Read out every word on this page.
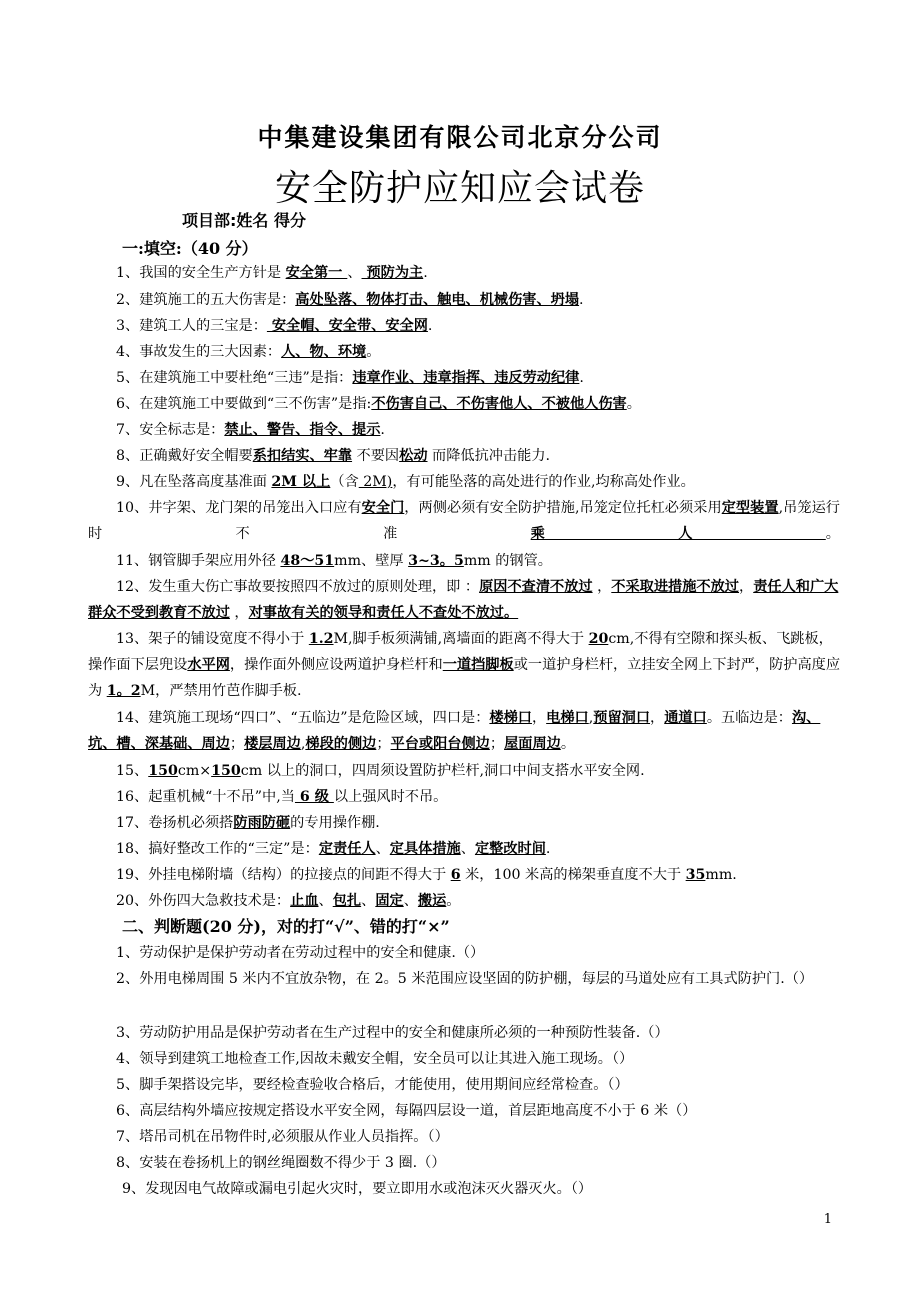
中集建设集团有限公司北京分公司
安全防护应知应会试卷
项目部:姓名 得分
一:填空:（40 分）
1、我国的安全生产方针是 安全第一 、 预防为主.
2、建筑施工的五大伤害是：高处坠落、物体打击、触电、机械伤害、坍塌.
3、建筑工人的三宝是： 安全帽、安全带、安全网.
4、事故发生的三大因素：人、物、环境。
5、在建筑施工中要杜绝“三违”是指：违章作业、违章指挥、违反劳动纪律.
6、在建筑施工中要做到“三不伤害”是指:不伤害自己、不伤害他人、不被他人伤害。
7、安全标志是：禁止、警告、指令、提示.
8、正确戴好安全帽要系扣结实、牢靠 不要因松动 而降低抗冲击能力.
9、凡在坠落高度基准面 2M 以上（含 2M)，有可能坠落的高处进行的作业,均称高处作业。
10、井字架、龙门架的吊笼出入口应有安全门，两侧必须有安全防护措施,吊笼定位托杠必须采用定型装置,吊笼运行时不准乘人。
11、钢管脚手架应用外径 48～51mm、壁厚 3~3。5mm 的钢管。
12、发生重大伤亡事故要按照四不放过的原则处理，即 ：原因不查清不放过 ，不采取进措施不放过，责任人和广大群众不受到教育不放过 ，对事故有关的领导和责任人不查处不放过。
13、架子的铺设宽度不得小于 1.2M,脚手板须满铺,离墙面的距离不得大于 20cm,不得有空隙和探头板、飞跳板，操作面下层兜设水平网，操作面外侧应设两道护身栏杆和一道挡脚板或一道护身栏杆，立挂安全网上下封严，防护高度应为 1。2M，严禁用竹芭作脚手板.
14、建筑施工现场“四口”、“五临边”是危险区域，四口是：楼梯口，电梯口,预留洞口，通道口。五临边是：沟、坑、槽、深基础、周边；楼层周边,梯段的侧边；平台或阳台侧边；屋面周边。
15、150cm×150cm 以上的洞口，四周须设置防护栏杆,洞口中间支搭水平安全网.
16、起重机械“十不吊”中,当 6 级 以上强风时不吊。
17、卷扬机必须搭防雨防砸的专用操作棚.
18、搞好整改工作的“三定”是：定责任人、定具体措施、定整改时间.
19、外挂电梯附墙（结构）的拉接点的间距不得大于 6 米，100 米高的梯架垂直度不大于 35mm.
20、外伤四大急救技术是：止血、包扎、固定、搬运。
二、判断题(20 分)，对的打“√”、错的打“×”
1、劳动保护是保护劳动者在劳动过程中的安全和健康.（）
2、外用电梯周围 5 米内不宜放杂物，在 2。5 米范围应设坚固的防护棚，每层的马道处应有工具式防护门.（）
3、劳动防护用品是保护劳动者在生产过程中的安全和健康所必须的一种预防性装备.（）
4、领导到建筑工地检查工作,因故未戴安全帽，安全员可以让其进入施工现场。（）
5、脚手架搭设完毕，要经检查验收合格后，才能使用，使用期间应经常检查。（）
6、高层结构外墙应按规定搭设水平安全网，每隔四层设一道，首层距地高度不小于 6 米（）
7、塔吊司机在吊物件时,必须服从作业人员指挥。（）
8、安装在卷扬机上的钢丝绳圈数不得少于 3 圈.（）
9、发现因电气故障或漏电引起火灾时，要立即用水或泡沫灭火器灭火。（）
1
